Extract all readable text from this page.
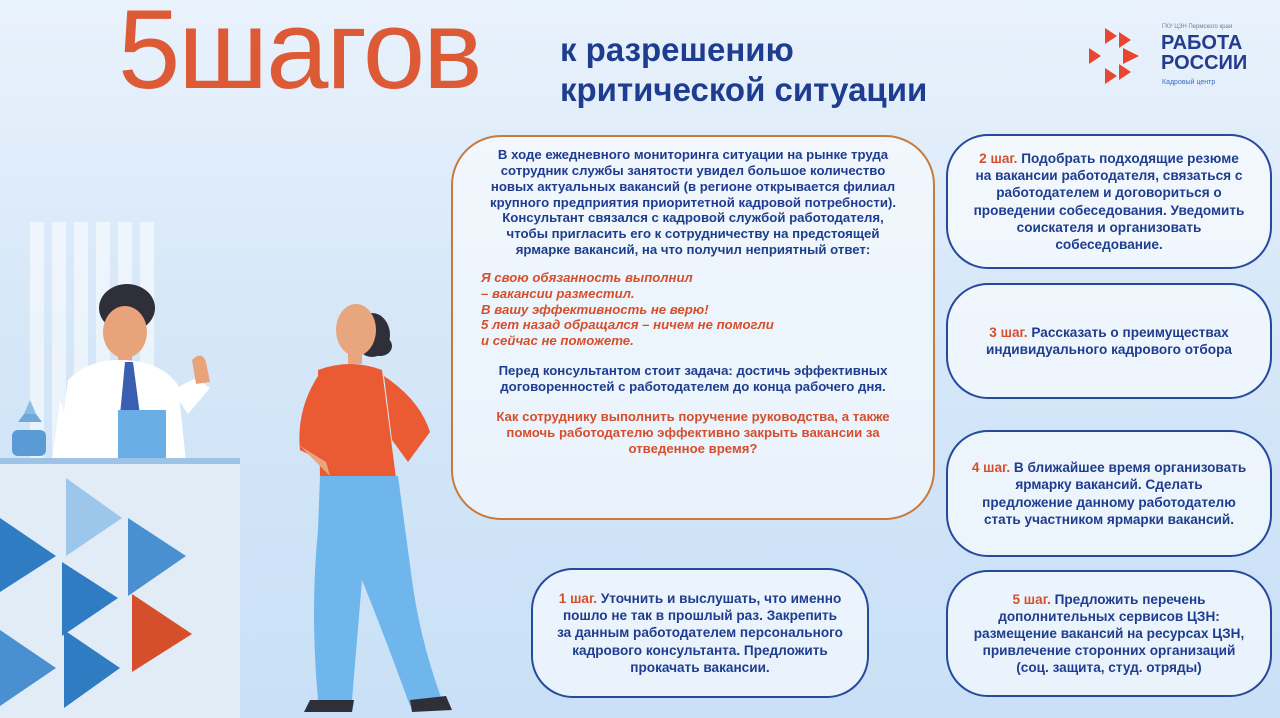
5шагов к разрешению
критической ситуации
ГКУ ЦЗН Пермского края
РАБОТА
РОССИИ
Кадровый центр

В ходе ежедневного мониторинга ситуации на рынке труда сотрудник службы занятости увидел большое количество новых актуальных вакансий (в регионе открывается филиал крупного предприятия приоритетной кадровой потребности). Консультант связался с кадровой службой работодателя, чтобы пригласить его к сотрудничеству на предстоящей ярмарке вакансий, на что получил неприятный ответ:

Я свою обязанность выполнил
– вакансии разместил.
В вашу эффективность не верю!
5 лет назад обращался – ничем не помогли
и сейчас не поможете.

Перед консультантом стоит задача: достичь эффективных договоренностей с работодателем до конца рабочего дня.

Как сотруднику выполнить поручение руководства, а также помочь работодателю эффективно закрыть вакансии за отведенное время?

1 шаг. Уточнить и выслушать, что именно пошло не так в прошлый раз. Закрепить за данным работодателем персонального кадрового консультанта. Предложить прокачать вакансии.
2 шаг. Подобрать подходящие резюме на вакансии работодателя, связаться с работодателем и договориться о проведении собеседования. Уведомить соискателя и организовать собеседование.
3 шаг. Рассказать о преимуществах индивидуального кадрового отбора
4 шаг. В ближайшее время организовать ярмарку вакансий. Сделать предложение данному работодателю стать участником ярмарки вакансий.
5 шаг. Предложить перечень дополнительных сервисов ЦЗН: размещение вакансий на ресурсах ЦЗН, привлечение сторонних организаций (соц. защита, студ. отряды)
